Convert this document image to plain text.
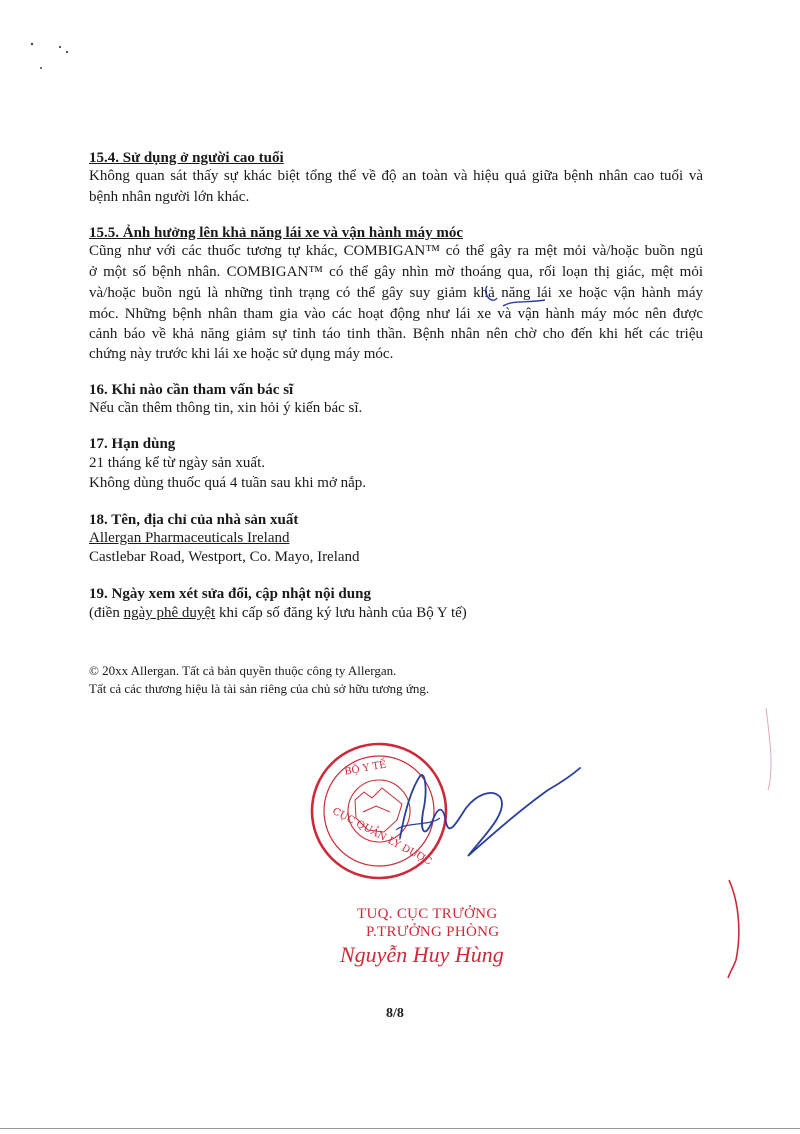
15.4. Sử dụng ở người cao tuổi
Không quan sát thấy sự khác biệt tổng thể về độ an toàn và hiệu quả giữa bệnh nhân cao tuổi và
bệnh nhân người lớn khác.
15.5. Ảnh hưởng lên khả năng lái xe và vận hành máy móc
Cũng như với các thuốc tương tự khác, COMBIGAN™ có thể gây ra mệt mỏi và/hoặc buồn ngủ
ở một số bệnh nhân. COMBIGAN™ có thể gây nhìn mờ thoáng qua, rối loạn thị giác, mệt mỏi
và/hoặc buồn ngủ là những tình trạng có thể gây suy giảm khả năng lái xe hoặc vận hành máy
móc. Những bệnh nhân tham gia vào các hoạt động như lái xe và vận hành máy móc nên được
cảnh báo về khả năng giảm sự tỉnh táo tinh thần. Bệnh nhân nên chờ cho đến khi hết các triệu
chứng này trước khi lái xe hoặc sử dụng máy móc.
16. Khi nào cần tham vấn bác sĩ
Nếu cần thêm thông tin, xin hỏi ý kiến bác sĩ.
17. Hạn dùng
21 tháng kể từ ngày sản xuất.
Không dùng thuốc quá 4 tuần sau khi mở nắp.
18. Tên, địa chỉ của nhà sản xuất
Allergan Pharmaceuticals Ireland
Castlebar Road, Westport, Co. Mayo, Ireland
19. Ngày xem xét sửa đổi, cập nhật nội dung
(điền ngày phê duyệt khi cấp số đăng ký lưu hành của Bộ Y tế)
© 20xx Allergan. Tất cả bản quyền thuộc công ty Allergan.
Tất cả các thương hiệu là tài sản riêng của chủ sở hữu tương ứng.
BỘ Y TẾ
CỤC QUẢN LÝ DƯỢC
TUQ. CỤC TRƯỞNG
P.TRƯỞNG PHÒNG
Nguyễn Huy Hùng
8/8
